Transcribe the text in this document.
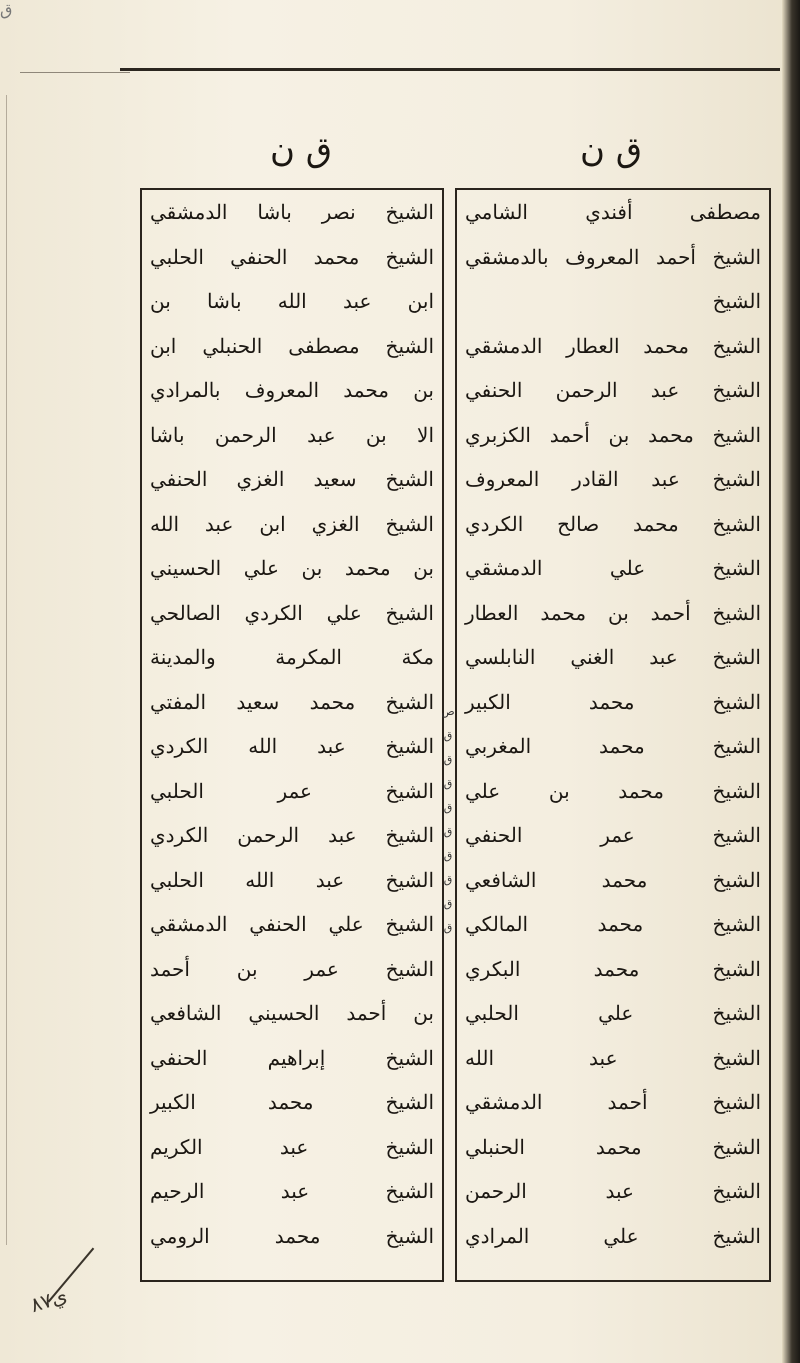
ق
ق ن	ق ن
الشيخ نصر باشا الدمشقي
الشيخ محمد الحنفي الحلبي
ابن عبد الله باشا بن
الشيخ مصطفى الحنبلي ابن
بن محمد المعروف بالمرادي
الا بن عبد الرحمن باشا
الشيخ سعيد الغزي الحنفي
الشيخ الغزي ابن عبد الله
بن محمد بن علي الحسيني
الشيخ علي الكردي الصالحي
مكة المكرمة والمدينة
الشيخ محمد سعيد المفتي
الشيخ عبد الله الكردي
الشيخ عمر الحلبي
الشيخ عبد الرحمن الكردي
الشيخ عبد الله الحلبي
الشيخ علي الحنفي الدمشقي
الشيخ عمر بن أحمد
بن أحمد الحسيني الشافعي
الشيخ إبراهيم الحنفي
الشيخ محمد الكبير
الشيخ عبد الكريم
الشيخ عبد الرحيم
الشيخ محمد الرومي
ص
ق
ق
ق
ق
ق
ق
ق
ق
ق
مصطفى أفندي الشامي
الشيخ أحمد المعروف بالدمشقي
الشيخ
الشيخ محمد العطار الدمشقي
الشيخ عبد الرحمن الحنفي
الشيخ محمد بن أحمد الكزبري
الشيخ عبد القادر المعروف
الشيخ محمد صالح الكردي
الشيخ علي الدمشقي
الشيخ أحمد بن محمد العطار
الشيخ عبد الغني النابلسي
الشيخ محمد الكبير
الشيخ محمد المغربي
الشيخ محمد بن علي
الشيخ عمر الحنفي
الشيخ محمد الشافعي
الشيخ محمد المالكي
الشيخ محمد البكري
الشيخ علي الحلبي
الشيخ عبد الله
الشيخ أحمد الدمشقي
الشيخ محمد الحنبلي
الشيخ عبد الرحمن
الشيخ علي المرادي
ي۸۷
